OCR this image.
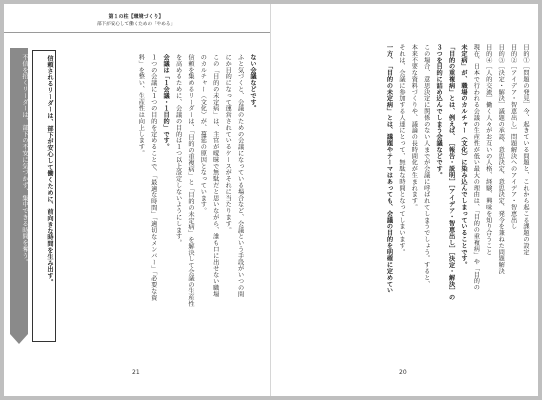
第１の柱【環境づくり】
部下が安心して働くための「やめる」
不信を招くリーダーは、部下の不安に気づかず、集中できる時間を奪う。	信頼されるリーダーは、部下が安心して働くために、前向きな時間を生み出す。	ない会議などです。
ふと気づくと、会議のための会議になっている場合など、会議という手段がいつの間
にか目的になって運営されているケースがそれに当たります。
この「目的の未定病」は、主官が曖昧で無駄だと思いながら、誰も口に出せない職場
のカルチャー（文化）が、蔓延の原因となっています。
信頼を集めるリーダーは、「目的の重複病」と「目的の未定病」を解決して会議の生産性
を高めるために、会議の目的は１つ以上設定しないようにします。
会議は「１会議・１目的」です。
１つの会議に１つの目的を定めることで、「最適な時間」「適切なメンバー」「必要な資
料」を整い、生産性は向上します。
21
目的①［問題の発見］今、起きている問題と、これから起こる課題の設定
目的②［アイデア・智恵出し］問題解決へのアイデア・智恵出し
目的③［決定・解決］議題の承認、意思決定、意思決定、発令を兼ねた問題解決
目的④［人的交流］働く人々がお互いの人格、経験、興味を知り合うこと
現在、日本で行われる会議の生産性が低い最大の理由は、「目的の重複病」や「目的の
未定病」が、職場のカルチャー（文化）に染み込んでしまっていることです。
「目的の重複病」とは、例えば、［報告・説明］［アイデア・智恵出し］［決定・解決］の
３つを目的に詰め込んでしまう会議などです。
この場合、意思決定に関係のない人までが会議に呼ばれてしまうでしょう。すると、
本来不要な資料づくりや、議論の長時間化が生まれます。
それは、会議に参加する人達にとって、無駄な時間となってしまいます。
一方、「目的の未定病」とは、議題やテーマはあっても、会議の目的を明確に定めてい
20
